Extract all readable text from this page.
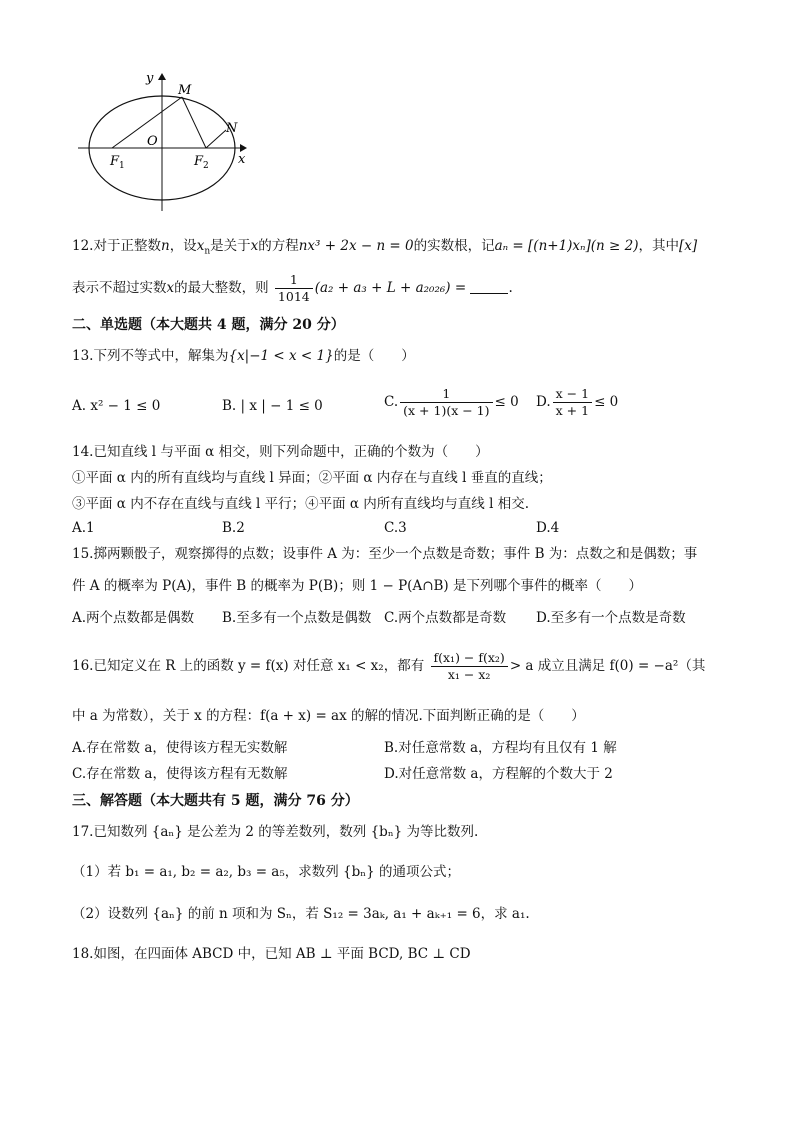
y
M
N
O
$F_1$	$F_2$ x
12.对于正整数n，设$x_n$是关于x的方程nx³ + 2x − n = 0的实数根，记aₙ = [(n+1)xₙ](n ≥ 2)，其中[x]
表示不超过实数x的最大整数，则 $\frac{1}{1014} (a_2 + a_3 + L + a_{2026})$ =	.
二、单选题（本大题共 4 题，满分 20 分）
13.下列不等式中，解集为{x|−1 < x < 1}的是（　　）
A. x² − 1 ≤ 0	B. | x | − 1 ≤ 0	C. $\frac{1}{(x + 1)(x - 1)} \le 0$ D. $\frac{x - 1}{x + 1} \le 0$
14.已知直线 l 与平面 α 相交，则下列命题中，正确的个数为（　　）
①平面 α 内的所有直线均与直线 l 异面；②平面 α 内存在与直线 l 垂直的直线；
③平面 α 内不存在直线与直线 l 平行；④平面 α 内所有直线均与直线 l 相交.
A.1	B.2	C.3	D.4
15.掷两颗骰子，观察掷得的点数；设事件 A 为：至少一个点数是奇数；事件 B 为：点数之和是偶数；事
件 A 的概率为 P(A)，事件 B 的概率为 P(B)；则 1 − P(A∩B) 是下列哪个事件的概率（　　）
A.两个点数都是偶数 B.至多有一个点数是偶数 C.两个点数都是奇数 D.至多有一个点数是奇数
16.已知定义在 R 上的函数 y = f(x) 对任意 x₁ < x₂，都有 $\frac{\text{f(x₁) − f(x₂)}}{\text{x₁ − x₂}} > a$ 成立且满足 f(0) = −a²（其
中 a 为常数），关于 x 的方程：f(a + x) = ax 的解的情况.下面判断正确的是（　　）
A.存在常数 a，使得该方程无实数解	B.对任意常数 a，方程均有且仅有 1 解
C.存在常数 a，使得该方程有无数解	D.对任意常数 a，方程解的个数大于 2
三、解答题（本大题共有 5 题，满分 76 分）
17.已知数列 {aₙ} 是公差为 2 的等差数列，数列 {bₙ} 为等比数列.
（1）若 b₁ = a₁, b₂ = a₂, b₃ = a₅，求数列 {bₙ} 的通项公式；
（2）设数列 {aₙ} 的前 n 项和为 Sₙ，若 S₁₂ = 3aₖ, a₁ + aₖ₊₁ = 6，求 a₁.
18.如图，在四面体 ABCD 中，已知 AB ⊥ 平面 BCD, BC ⊥ CD
